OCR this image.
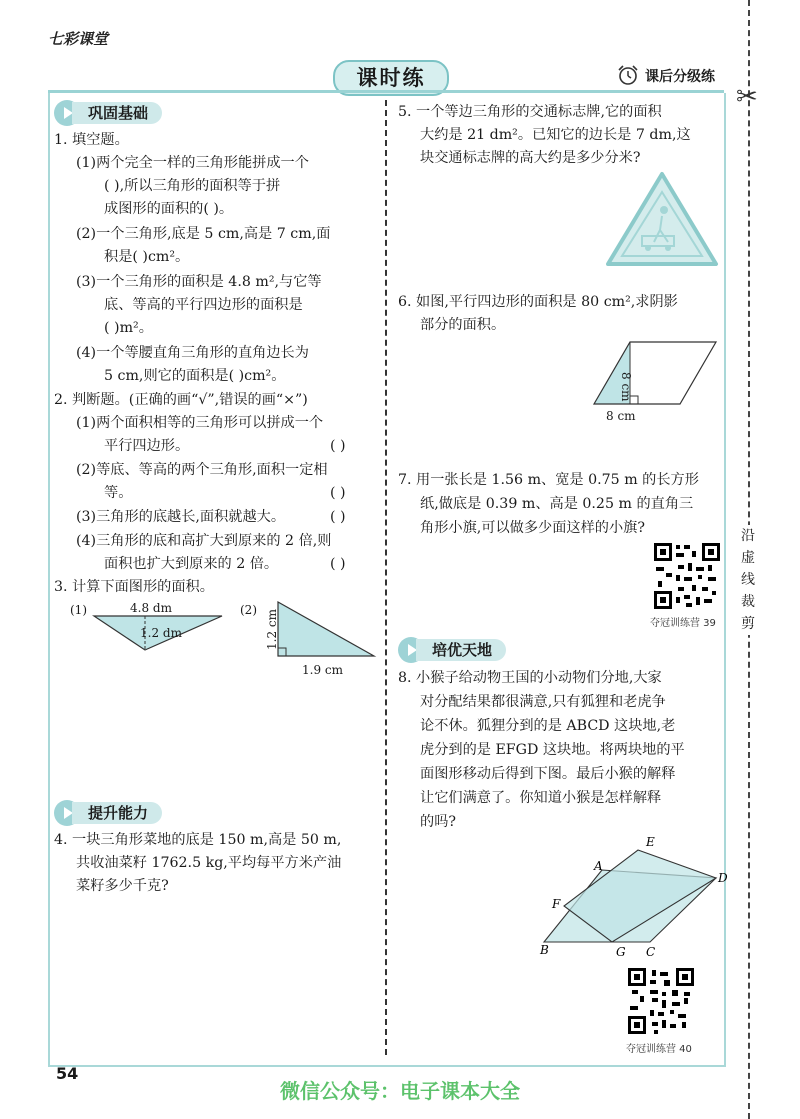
七彩课堂
课时练	课后分级练
✂
沿
虚
线
裁
剪
巩固基础
1. 填空题。
(1)两个完全一样的三角形能拼成一个
( ),所以三角形的面积等于拼
成图形的面积的( )。
(2)一个三角形,底是 5 cm,高是 7 cm,面
积是( )cm²。
(3)一个三角形的面积是 4.8 m²,与它等
底、等高的平行四边形的面积是
( )m²。
(4)一个等腰直角三角形的直角边长为
5 cm,则它的面积是( )cm²。
2. 判断题。(正确的画“√”,错误的画“×”)
(1)两个面积相等的三角形可以拼成一个
平行四边形。	( )
(2)等底、等高的两个三角形,面积一定相
等。	( )
(3)三角形的底越长,面积就越大。	( )
(4)三角形的底和高扩大到原来的 2 倍,则
面积也扩大到原来的 2 倍。	( )
3. 计算下面图形的面积。
(1)	4.8 dm
1.2 dm
(2) 1.2 cm
1.9 cm
提升能力
4. 一块三角形菜地的底是 150 m,高是 50 m,
共收油菜籽 1762.5 kg,平均每平方米产油
菜籽多少千克?
5. 一个等边三角形的交通标志牌,它的面积
大约是 21 dm²。已知它的边长是 7 dm,这
块交通标志牌的高大约是多少分米?
6. 如图,平行四边形的面积是 80 cm²,求阴影
部分的面积。
8 cm
8 cm
7. 用一张长是 1.56 m、宽是 0.75 m 的长方形
纸,做底是 0.39 m、高是 0.25 m 的直角三
角形小旗,可以做多少面这样的小旗?
夺冠训练营 39
培优天地
8. 小猴子给动物王国的小动物们分地,大家
对分配结果都很满意,只有狐狸和老虎争
论不休。狐狸分到的是 ABCD 这块地,老
虎分到的是 EFGD 这块地。将两块地的平
面图形移动后得到下图。最后小猴的解释
让它们满意了。你知道小猴是怎样解释
的吗?
E
A
D
F
B	G C
夺冠训练营 40
54
微信公众号：电子课本大全
